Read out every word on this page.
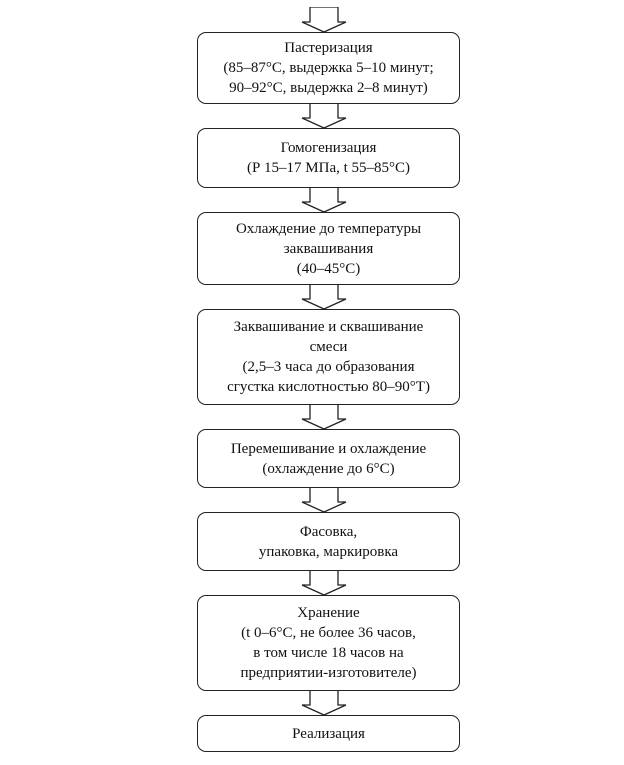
Пастеризация
(85–87°С, выдержка 5–10 минут;
90–92°С, выдержка 2–8 минут)
Гомогенизация
(Р 15–17 МПа, t 55–85°С)
Охлаждение до температуры
заквашивания
(40–45°С)
Заквашивание и сквашивание
смеси
(2,5–3 часа до образования
сгустка кислотностью 80–90°Т)
Перемешивание и охлаждение
(охлаждение до 6°С)
Фасовка,
упаковка, маркировка
Хранение
(t 0–6°С, не более 36 часов,
в том числе 18 часов на
предприятии-изготовителе)
Реализация
